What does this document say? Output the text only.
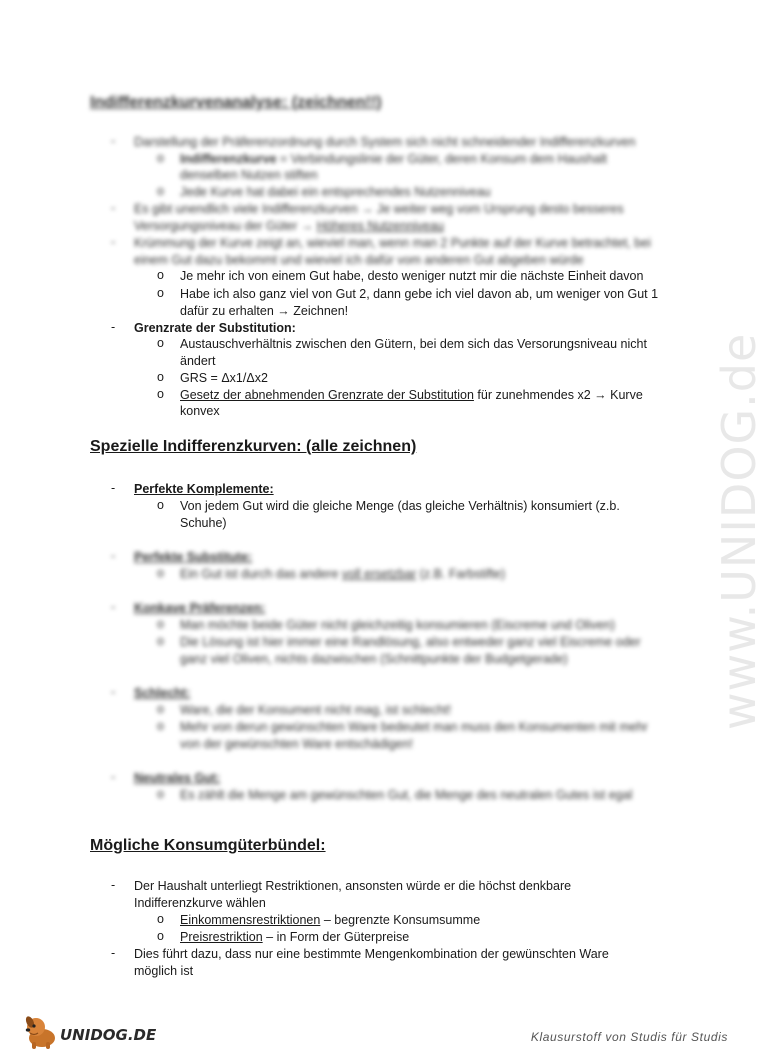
www.UNIDOG.de
Indifferenzkurvenanalyse: (zeichnen!!)
- Darstellung der Präferenzordnung durch System sich nicht schneidender Indifferenzkurven
o Indifferenzkurve = Verbindungslinie der Güter, deren Konsum dem Haushalt
denselben Nutzen stiften
o Jede Kurve hat dabei ein entsprechendes Nutzenniveau
- Es gibt unendlich viele Indifferenzkurven → Je weiter weg vom Ursprung desto besseres
Versorgungsniveau der Güter → Höheres Nutzenniveau
- Krümmung der Kurve zeigt an, wieviel man, wenn man 2 Punkte auf der Kurve betrachtet, bei
einem Gut dazu bekommt und wieviel ich dafür vom anderen Gut abgeben würde
o Je mehr ich von einem Gut habe, desto weniger nutzt mir die nächste Einheit davon
o Habe ich also ganz viel von Gut 2, dann gebe ich viel davon ab, um weniger von Gut 1
dafür zu erhalten → Zeichnen!
- Grenzrate der Substitution:
o Austauschverhältnis zwischen den Gütern, bei dem sich das Versorungsniveau nicht
ändert
o GRS = Δx1/Δx2
o Gesetz der abnehmenden Grenzrate der Substitution für zunehmendes x2 → Kurve
konvex
Spezielle Indifferenzkurven: (alle zeichnen)
- Perfekte Komplemente:
o Von jedem Gut wird die gleiche Menge (das gleiche Verhältnis) konsumiert (z.b.
Schuhe)
- Perfekte Substitute:
o Ein Gut ist durch das andere voll ersetzbar (z.B. Farbstifte)
- Konkave Präferenzen:
o Man möchte beide Güter nicht gleichzeitig konsumieren (Eiscreme und Oliven)
o Die Lösung ist hier immer eine Randlösung, also entweder ganz viel Eiscreme oder
ganz viel Oliven, nichts dazwischen (Schnittpunkte der Budgetgerade)
- Schlecht:
o Ware, die der Konsument nicht mag, ist schlecht!
o Mehr von derun gewünschten Ware bedeutet man muss den Konsumenten mit mehr
von der gewünschten Ware entschädigen!
- Neutrales Gut:
o Es zählt die Menge am gewünschten Gut, die Menge des neutralen Gutes ist egal
Mögliche Konsumgüterbündel:
- Der Haushalt unterliegt Restriktionen, ansonsten würde er die höchst denkbare
Indifferenzkurve wählen
o Einkommensrestriktionen – begrenzte Konsumsumme
o Preisrestriktion – in Form der Güterpreise
- Dies führt dazu, dass nur eine bestimmte Mengenkombination der gewünschten Ware
möglich ist
UNIDOG.DE	Klausurstoff von Studis für Studis
